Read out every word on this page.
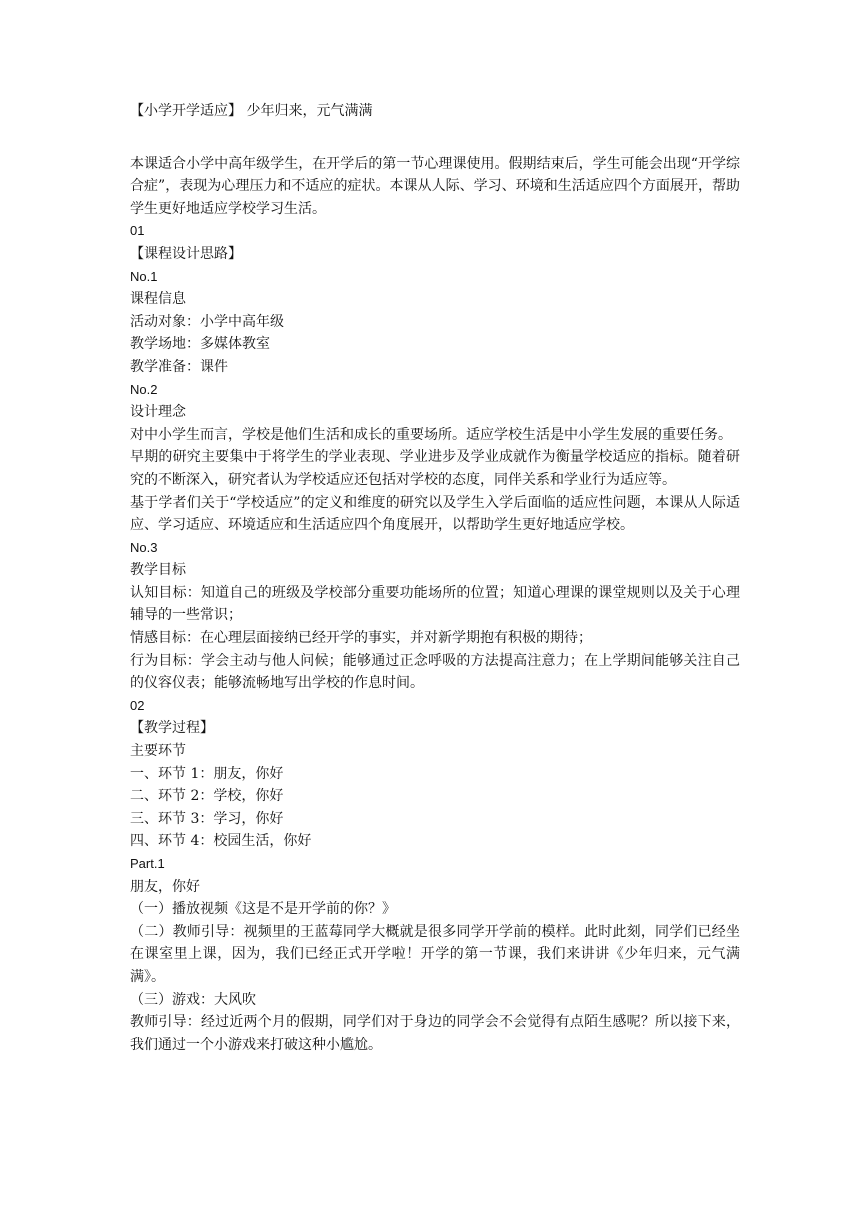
【小学开学适应】 少年归来，元气满满

本课适合小学中高年级学生，在开学后的第一节心理课使用。假期结束后，学生可能会出现“开学综合症”，表现为心理压力和不适应的症状。本课从人际、学习、环境和生活适应四个方面展开，帮助学生更好地适应学校学习生活。

01

【课程设计思路】

No.1

课程信息

活动对象：小学中高年级

教学场地：多媒体教室

教学准备：课件

No.2

设计理念

对中小学生而言，学校是他们生活和成长的重要场所。适应学校生活是中小学生发展的重要任务。

早期的研究主要集中于将学生的学业表现、学业进步及学业成就作为衡量学校适应的指标。随着研究的不断深入，研究者认为学校适应还包括对学校的态度，同伴关系和学业行为适应等。

基于学者们关于“学校适应”的定义和维度的研究以及学生入学后面临的适应性问题，本课从人际适应、学习适应、环境适应和生活适应四个角度展开，以帮助学生更好地适应学校。

No.3

教学目标

认知目标：知道自己的班级及学校部分重要功能场所的位置；知道心理课的课堂规则以及关于心理辅导的一些常识；

情感目标：在心理层面接纳已经开学的事实，并对新学期抱有积极的期待；

行为目标：学会主动与他人问候；能够通过正念呼吸的方法提高注意力；在上学期间能够关注自己的仪容仪表；能够流畅地写出学校的作息时间。

02

【教学过程】

主要环节

一、环节 1：朋友，你好

二、环节 2：学校，你好

三、环节 3：学习，你好

四、环节 4：校园生活，你好

Part.1

朋友，你好

（一）播放视频《这是不是开学前的你？》

（二）教师引导：视频里的王蓝莓同学大概就是很多同学开学前的模样。此时此刻，同学们已经坐在课室里上课，因为，我们已经正式开学啦！开学的第一节课，我们来讲讲《少年归来，元气满满》。

（三）游戏：大风吹

教师引导：经过近两个月的假期，同学们对于身边的同学会不会觉得有点陌生感呢？所以接下来，我们通过一个小游戏来打破这种小尴尬。
